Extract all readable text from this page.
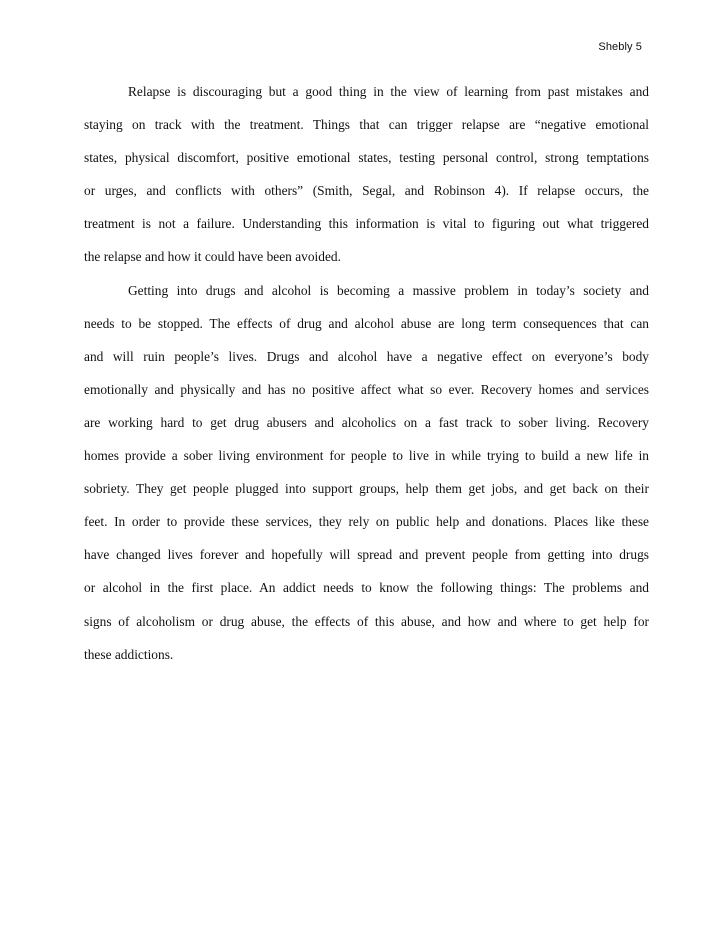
Shebly 5
Relapse is discouraging but a good thing in the view of learning from past mistakes and
staying on track with the treatment. Things that can trigger relapse are “negative emotional
states, physical discomfort, positive emotional states, testing personal control, strong temptations
or urges, and conflicts with others” (Smith, Segal, and Robinson 4). If relapse occurs, the
treatment is not a failure. Understanding this information is vital to figuring out what triggered
the relapse and how it could have been avoided.
Getting into drugs and alcohol is becoming a massive problem in today’s society and
needs to be stopped. The effects of drug and alcohol abuse are long term consequences that can
and will ruin people’s lives. Drugs and alcohol have a negative effect on everyone’s body
emotionally and physically and has no positive affect what so ever. Recovery homes and services
are working hard to get drug abusers and alcoholics on a fast track to sober living. Recovery
homes provide a sober living environment for people to live in while trying to build a new life in
sobriety. They get people plugged into support groups, help them get jobs, and get back on their
feet. In order to provide these services, they rely on public help and donations. Places like these
have changed lives forever and hopefully will spread and prevent people from getting into drugs
or alcohol in the first place. An addict needs to know the following things: The problems and
signs of alcoholism or drug abuse, the effects of this abuse, and how and where to get help for
these addictions.
